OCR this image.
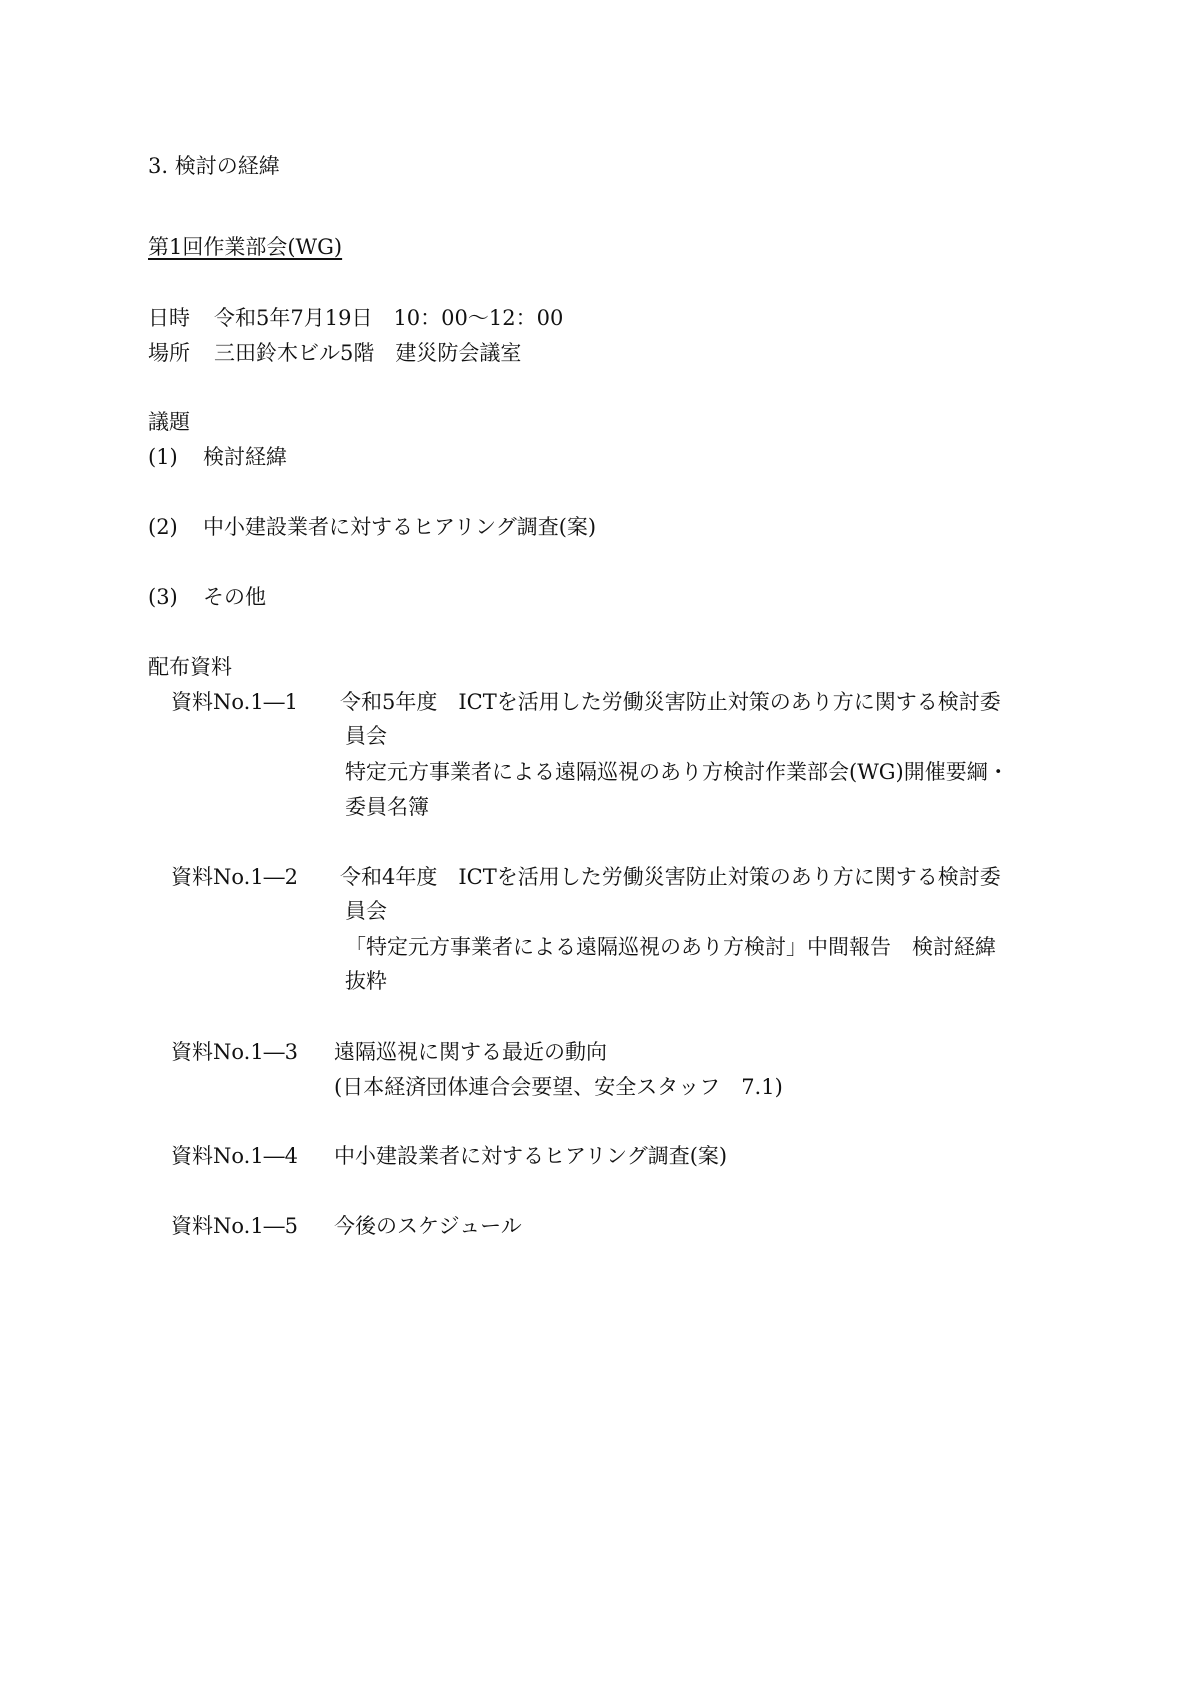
3. 検討の経緯
第1回作業部会(WG)
日時 令和5年7月19日　10：00～12：00
場所 三田鈴木ビル5階　建災防会議室
議題
(1) 検討経緯
(2) 中小建設業者に対するヒアリング調査(案)
(3) その他
配布資料
資料No.1―1 令和5年度　ICTを活用した労働災害防止対策のあり方に関する検討委
員会
特定元方事業者による遠隔巡視のあり方検討作業部会(WG)開催要綱・
委員名簿
資料No.1―2 令和4年度　ICTを活用した労働災害防止対策のあり方に関する検討委
員会
「特定元方事業者による遠隔巡視のあり方検討」中間報告　検討経緯
抜粋
資料No.1―3 遠隔巡視に関する最近の動向
(日本経済団体連合会要望、安全スタッフ　7.1)
資料No.1―4 中小建設業者に対するヒアリング調査(案)
資料No.1―5 今後のスケジュール
